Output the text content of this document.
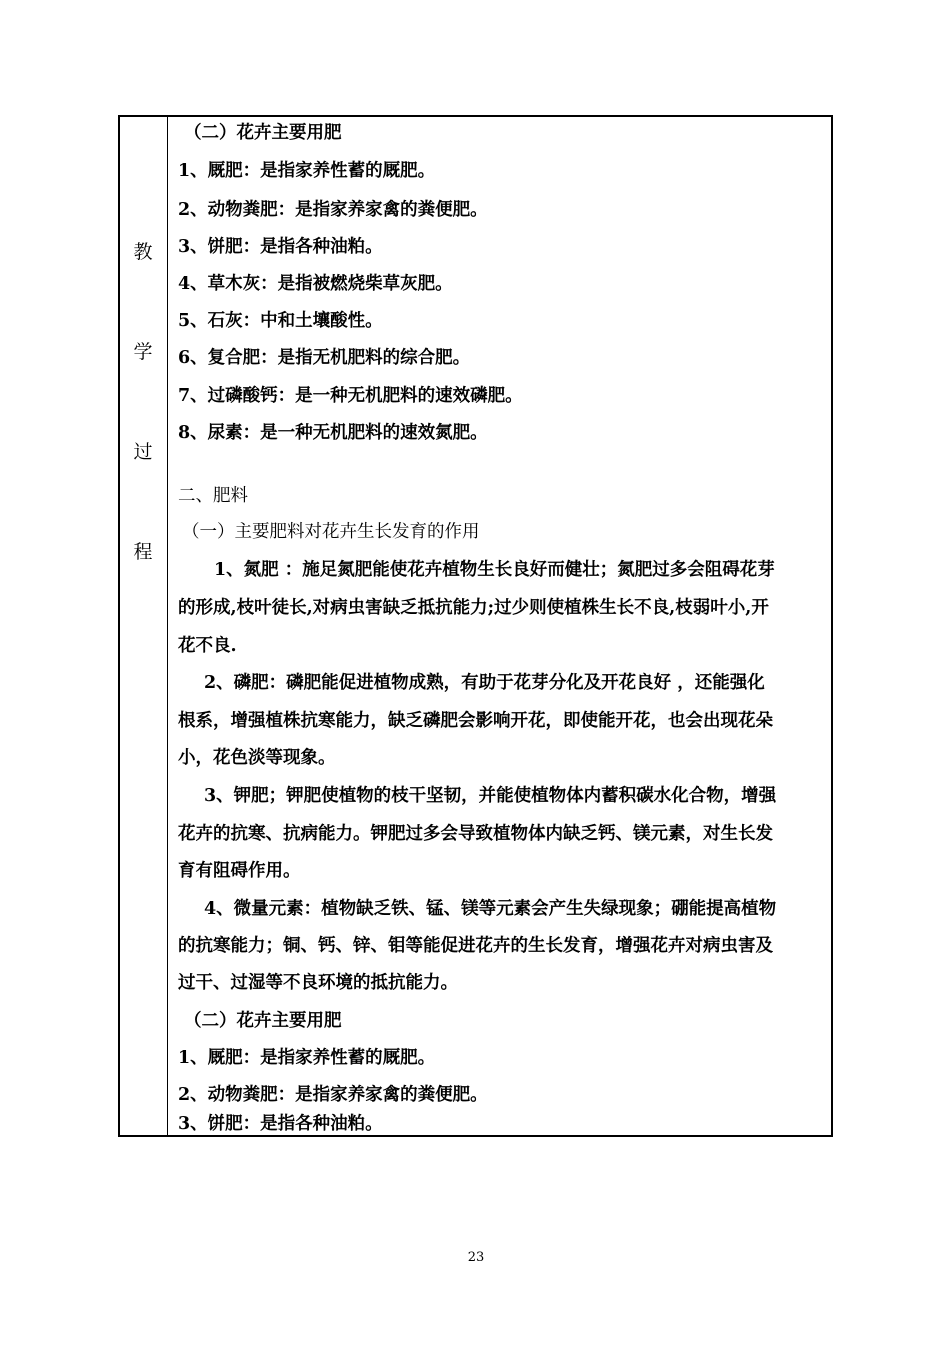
教
学
过
程
（二）花卉主要用肥
1、厩肥：是指家养性蓄的厩肥。
2、动物粪肥：是指家养家禽的粪便肥。
3、饼肥：是指各种油粕。
4、草木灰：是指被燃烧柴草灰肥。
5、石灰：中和土壤酸性。
6、复合肥：是指无机肥料的综合肥。
7、过磷酸钙：是一种无机肥料的速效磷肥。
8、尿素：是一种无机肥料的速效氮肥。
二、肥料
（一）主要肥料对花卉生长发育的作用
1、氮肥 ：施足氮肥能使花卉植物生长良好而健壮；氮肥过多会阻碍花芽
的形成,枝叶徒长,对病虫害缺乏抵抗能力;过少则使植株生长不良,枝弱叶小,开
花不良.
2、磷肥：磷肥能促进植物成熟，有助于花芽分化及开花良好 ，还能强化
根系，增强植株抗寒能力，缺乏磷肥会影响开花，即使能开花，也会出现花朵
小，花色淡等现象。
3、钾肥；钾肥使植物的枝干坚韧，并能使植物体内蓄积碳水化合物，增强
花卉的抗寒、抗病能力。钾肥过多会导致植物体内缺乏钙、镁元素，对生长发
育有阻碍作用。
4、微量元素：植物缺乏铁、锰、镁等元素会产生失绿现象；硼能提高植物
的抗寒能力；铜、钙、锌、钼等能促进花卉的生长发育，增强花卉对病虫害及
过干、过湿等不良环境的抵抗能力。
（二）花卉主要用肥
1、厩肥：是指家养性蓄的厩肥。
2、动物粪肥：是指家养家禽的粪便肥。
3、饼肥：是指各种油粕。
23
